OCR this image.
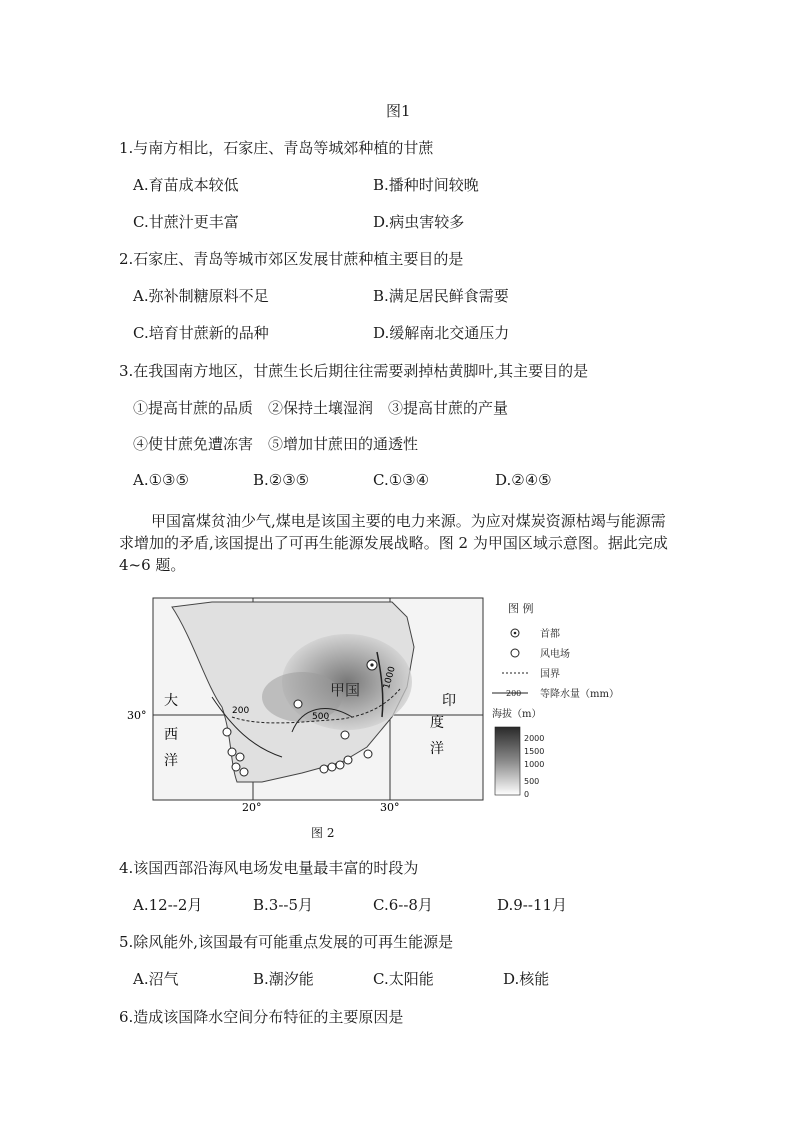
图1
1.与南方相比，石家庄、青岛等城郊种植的甘蔗
A.育苗成本较低	B.播种时间较晚
C.甘蔗汁更丰富	D.病虫害较多
2.石家庄、青岛等城市郊区发展甘蔗种植主要目的是
A.弥补制糖原料不足	B.满足居民鲜食需要
C.培育甘蔗新的品种	D.缓解南北交通压力
3.在我国南方地区，甘蔗生长后期往往需要剥掉枯黄脚叶,其主要目的是
①提高甘蔗的品质　②保持土壤湿润　③提高甘蔗的产量
④使甘蔗免遭冻害　⑤增加甘蔗田的通透性
A.①③⑤	B.②③⑤	C.①③④	D.②④⑤
甲国富煤贫油少气,煤电是该国主要的电力来源。为应对煤炭资源枯竭与能源需求增加的矛盾,该国提出了可再生能源发展战略。图 2 为甲国区域示意图。据此完成 4~6 题。
30°
20°	30°
大
西
洋
印
度
洋
甲国
200
500
1000
图 例
首都
风电场
国界
200 等降水量（mm）
海拔（m）
2000
1500
1000
500
0
图 2
4.该国西部沿海风电场发电量最丰富的时段为
A.12--2月	B.3--5月	C.6--8月	D.9--11月
5.除风能外,该国最有可能重点发展的可再生能源是
A.沼气	B.潮汐能	C.太阳能	D.核能
6.造成该国降水空间分布特征的主要原因是
